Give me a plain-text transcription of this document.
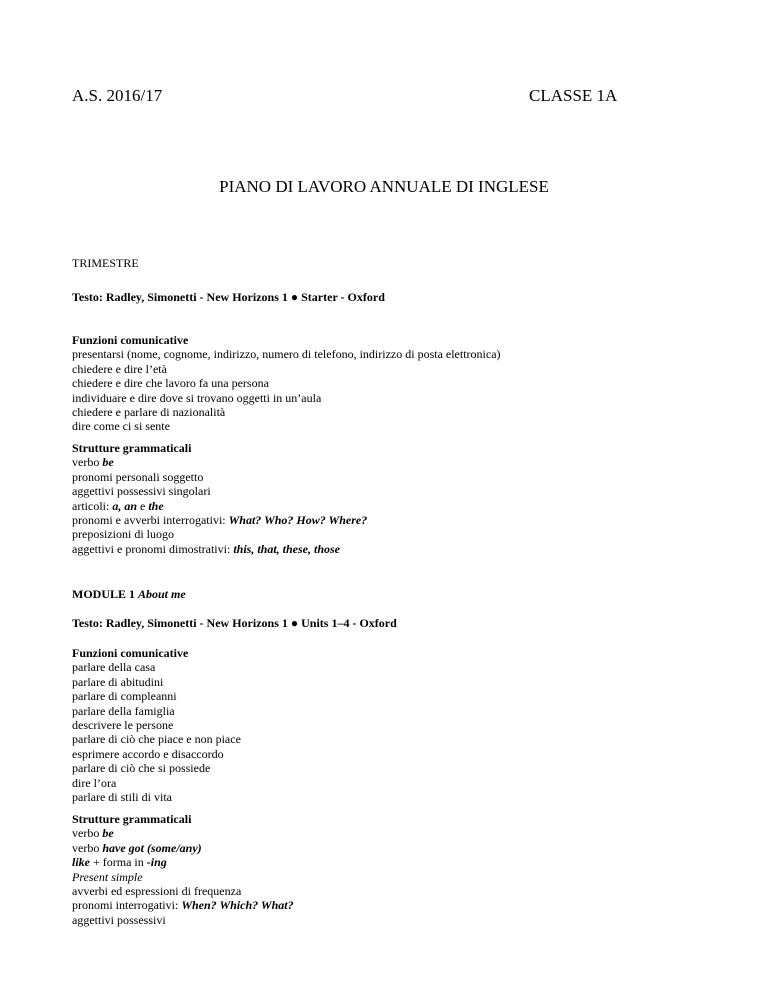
A.S. 2016/17	CLASSE 1A
PIANO DI LAVORO ANNUALE DI INGLESE
TRIMESTRE
Testo: Radley, Simonetti - New Horizons 1 ● Starter - Oxford
Funzioni comunicative
presentarsi (nome, cognome, indirizzo, numero di telefono, indirizzo di posta elettronica)
chiedere e dire l’età
chiedere e dire che lavoro fa una persona
individuare e dire dove si trovano oggetti in un’aula
chiedere e parlare di nazionalità
dire come ci si sente
Strutture grammaticali
verbo be
pronomi personali soggetto
aggettivi possessivi singolari
articoli: a, an e the
pronomi e avverbi interrogativi: What? Who? How? Where?
preposizioni di luogo
aggettivi e pronomi dimostrativi: this, that, these, those
MODULE 1 About me
Testo: Radley, Simonetti - New Horizons 1 ● Units 1–4 - Oxford
Funzioni comunicative
parlare della casa
parlare di abitudini
parlare di compleanni
parlare della famiglia
descrivere le persone
parlare di ciò che piace e non piace
esprimere accordo e disaccordo
parlare di ciò che si possiede
dire l’ora
parlare di stili di vita
Strutture grammaticali
verbo be
verbo have got (some/any)
like + forma in -ing
Present simple
avverbi ed espressioni di frequenza
pronomi interrogativi: When? Which? What?
aggettivi possessivi
